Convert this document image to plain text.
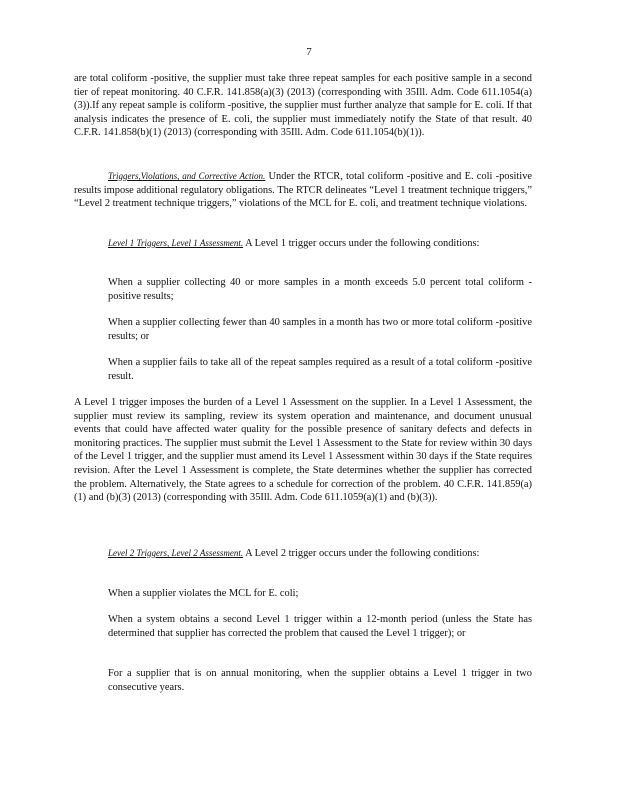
7
are total coliform -positive, the supplier must take three repeat samples for each positive sample in a second tier of repeat monitoring. 40 C.F.R. 141.858(a)(3) (2013) (corresponding with 35Ill. Adm. Code 611.1054(a)(3)).If any repeat sample is coliform -positive, the supplier must further analyze that sample for E. coli. If that analysis indicates the presence of E. coli, the supplier must immediately notify the State of that result. 40 C.F.R. 141.858(b)(1) (2013) (corresponding with 35Ill. Adm. Code 611.1054(b)(1)).
Triggers,Violations, and Corrective Action. Under the RTCR, total coliform -positive and E. coli -positive results impose additional regulatory obligations. The RTCR delineates “Level 1 treatment technique triggers,” “Level 2 treatment technique triggers,” violations of the MCL for E. coli, and treatment technique violations.
Level 1 Triggers, Level 1 Assessment. A Level 1 trigger occurs under the following conditions:
When a supplier collecting 40 or more samples in a month exceeds 5.0 percent total coliform -positive results;
When a supplier collecting fewer than 40 samples in a month has two or more total coliform -positive results; or
When a supplier fails to take all of the repeat samples required as a result of a total coliform -positive result.
A Level 1 trigger imposes the burden of a Level 1 Assessment on the supplier. In a Level 1 Assessment, the supplier must review its sampling, review its system operation and maintenance, and document unusual events that could have affected water quality for the possible presence of sanitary defects and defects in monitoring practices. The supplier must submit the Level 1 Assessment to the State for review within 30 days of the Level 1 trigger, and the supplier must amend its Level 1 Assessment within 30 days if the State requires revision. After the Level 1 Assessment is complete, the State determines whether the supplier has corrected the problem. Alternatively, the State agrees to a schedule for correction of the problem. 40 C.F.R. 141.859(a)(1) and (b)(3) (2013) (corresponding with 35Ill. Adm. Code 611.1059(a)(1) and (b)(3)).
Level 2 Triggers, Level 2 Assessment. A Level 2 trigger occurs under the following conditions:
When a supplier violates the MCL for E. coli;
When a system obtains a second Level 1 trigger within a 12-month period (unless the State has determined that supplier has corrected the problem that caused the Level 1 trigger); or
For a supplier that is on annual monitoring, when the supplier obtains a Level 1 trigger in two consecutive years.
